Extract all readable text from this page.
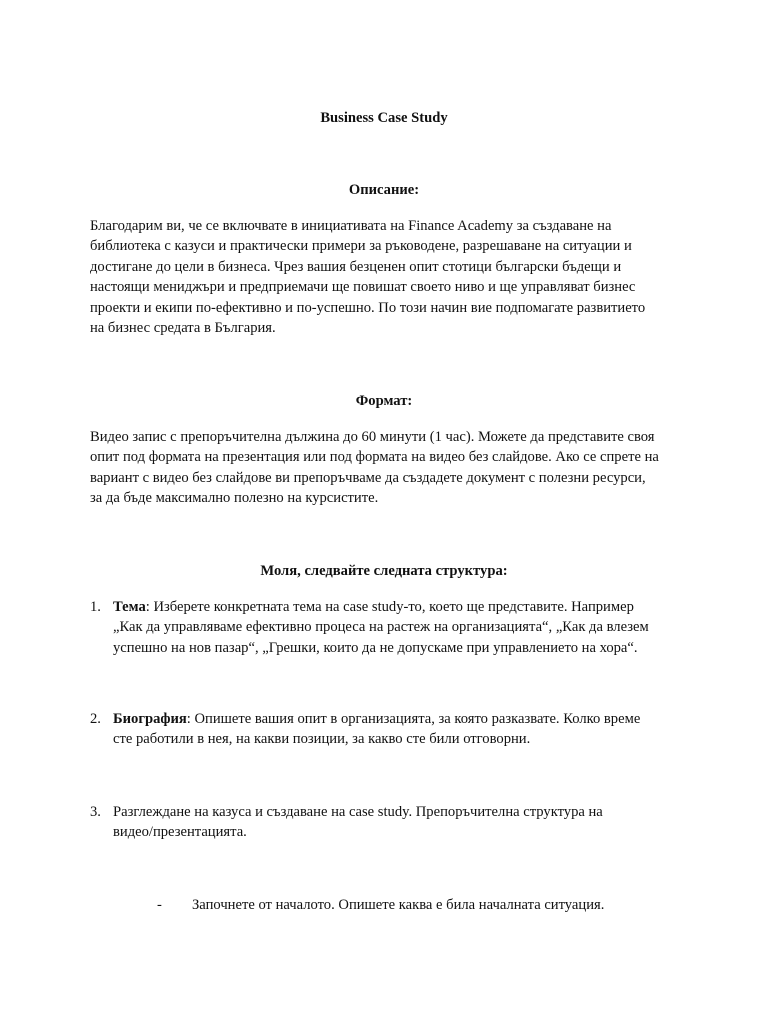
Business Case Study
Описание:
Благодарим ви, че се включвате в инициативата на Finance Academy за създаване на
библиотека с казуси и практически примери за ръководене, разрешаване на ситуации и
достигане до цели в бизнеса. Чрез вашия безценен опит стотици български бъдещи и
настоящи мениджъри и предприемачи ще повишат своето ниво и ще управляват бизнес
проекти и екипи по-ефективно и по-успешно. По този начин вие подпомагате развитието
на бизнес средата в България.
Формат:
Видео запис с препоръчителна дължина до 60 минути (1 час). Можете да представите своя
опит под формата на презентация или под формата на видео без слайдове. Ако се спрете на
вариант с видео без слайдове ви препоръчваме да създадете документ с полезни ресурси,
за да бъде максимално полезно на курсистите.
Моля, следвайте следната структура:
1. Тема: Изберете конкретната тема на case study-то, което ще представите. Например
„Как да управляваме ефективно процеса на растеж на организацията“, „Как да влезем
успешно на нов пазар“, „Грешки, които да не допускаме при управлението на хора“.
2. Биография: Опишете вашия опит в организацията, за която разказвате. Колко време
сте работили в нея, на какви позиции, за какво сте били отговорни.
3. Разглеждане на казуса и създаване на case study. Препоръчителна структура на
видео/презентацията.
- Започнете от началото. Опишете каква е била началната ситуация.
